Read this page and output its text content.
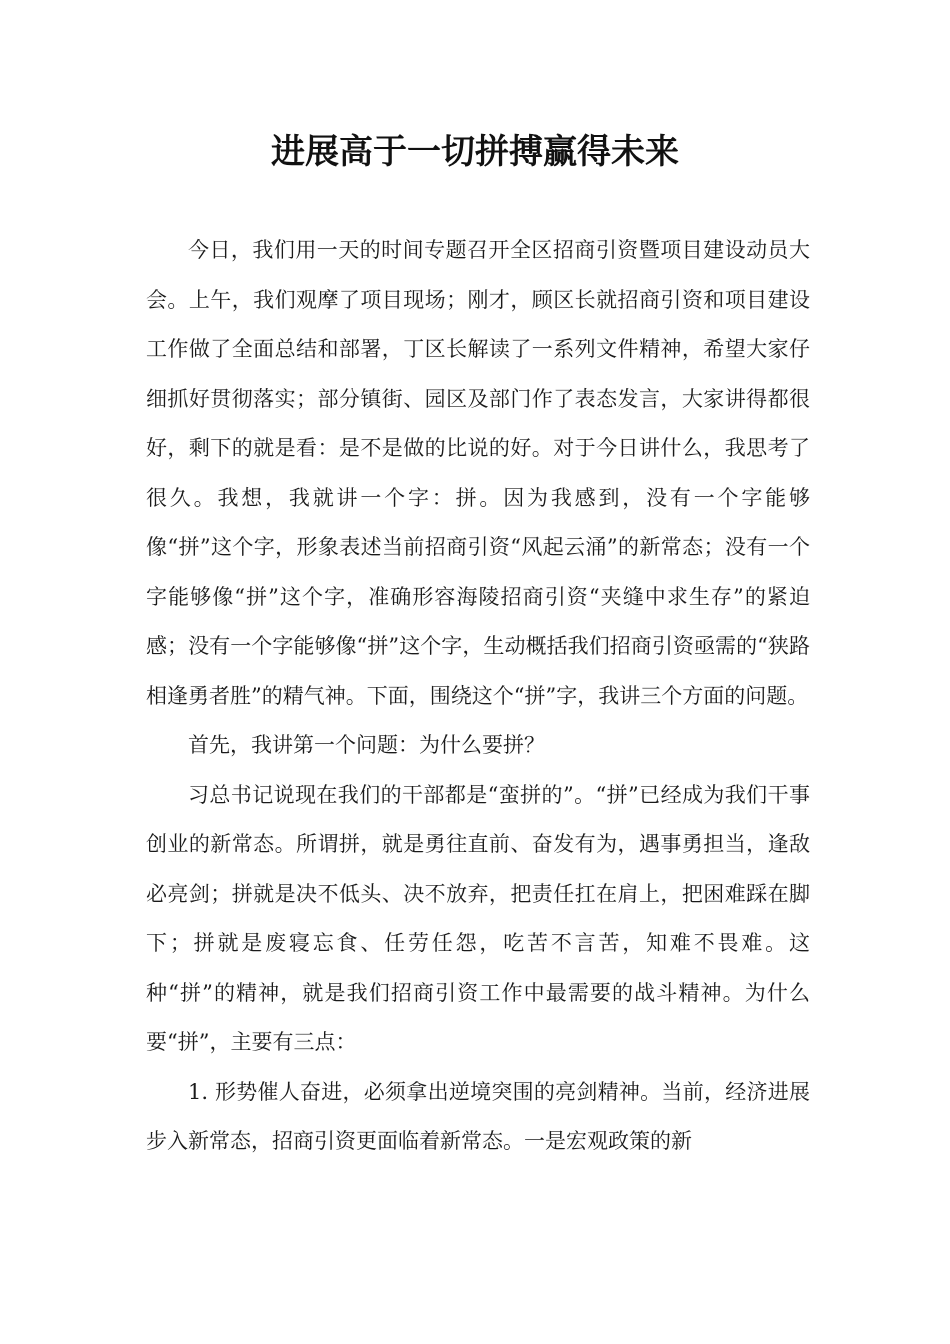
进展高于一切拼搏赢得未来

今日，我们用一天的时间专题召开全区招商引资暨项目建设动员大会。上午，我们观摩了项目现场；刚才，顾区长就招商引资和项目建设工作做了全面总结和部署，丁区长解读了一系列文件精神，希望大家仔细抓好贯彻落实；部分镇街、园区及部门作了表态发言，大家讲得都很好，剩下的就是看：是不是做的比说的好。对于今日讲什么，我思考了很久。我想，我就讲一个字：拼。因为我感到，没有一个字能够像“拼”这个字，形象表述当前招商引资“风起云涌”的新常态；没有一个字能够像“拼”这个字，准确形容海陵招商引资“夹缝中求生存”的紧迫感；没有一个字能够像“拼”这个字，生动概括我们招商引资亟需的“狭路相逢勇者胜”的精气神。下面，围绕这个“拼”字，我讲三个方面的问题。

首先，我讲第一个问题：为什么要拼？

习总书记说现在我们的干部都是“蛮拼的”。“拼”已经成为我们干事创业的新常态。所谓拼，就是勇往直前、奋发有为，遇事勇担当，逢敌必亮剑；拼就是决不低头、决不放弃，把责任扛在肩上，把困难踩在脚下；拼就是废寝忘食、任劳任怨，吃苦不言苦，知难不畏难。这种“拼”的精神，就是我们招商引资工作中最需要的战斗精神。为什么要“拼”，主要有三点：

1. 形势催人奋进，必须拿出逆境突围的亮剑精神。当前，经济进展步入新常态，招商引资更面临着新常态。一是宏观政策的新
